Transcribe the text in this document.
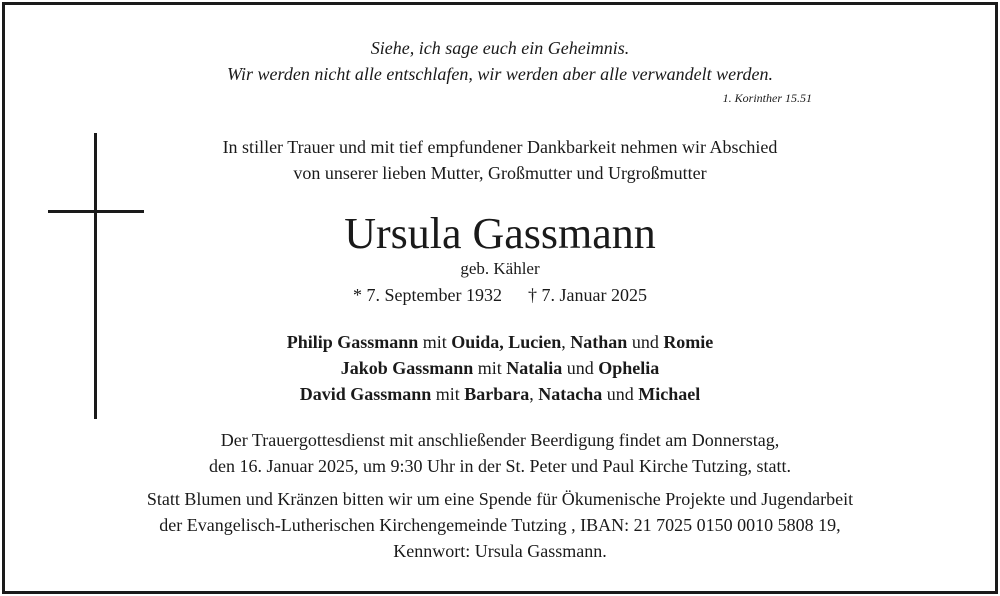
Siehe, ich sage euch ein Geheimnis.
Wir werden nicht alle entschlafen, wir werden aber alle verwandelt werden.
1. Korinther 15.51
In stiller Trauer und mit tief empfundener Dankbarkeit nehmen wir Abschied
von unserer lieben Mutter, Großmutter und Urgroßmutter
Ursula Gassmann
geb. Kähler
* 7. September 1932 † 7. Januar 2025
Philip Gassmann mit Ouida, Lucien, Nathan und Romie
Jakob Gassmann mit Natalia und Ophelia
David Gassmann mit Barbara, Natacha und Michael
Der Trauergottesdienst mit anschließender Beerdigung findet am Donnerstag,
den 16. Januar 2025, um 9:30 Uhr in der St. Peter und Paul Kirche Tutzing, statt.
Statt Blumen und Kränzen bitten wir um eine Spende für Ökumenische Projekte und Jugendarbeit
der Evangelisch-Lutherischen Kirchengemeinde Tutzing , IBAN: 21 7025 0150 0010 5808 19,
Kennwort: Ursula Gassmann.
